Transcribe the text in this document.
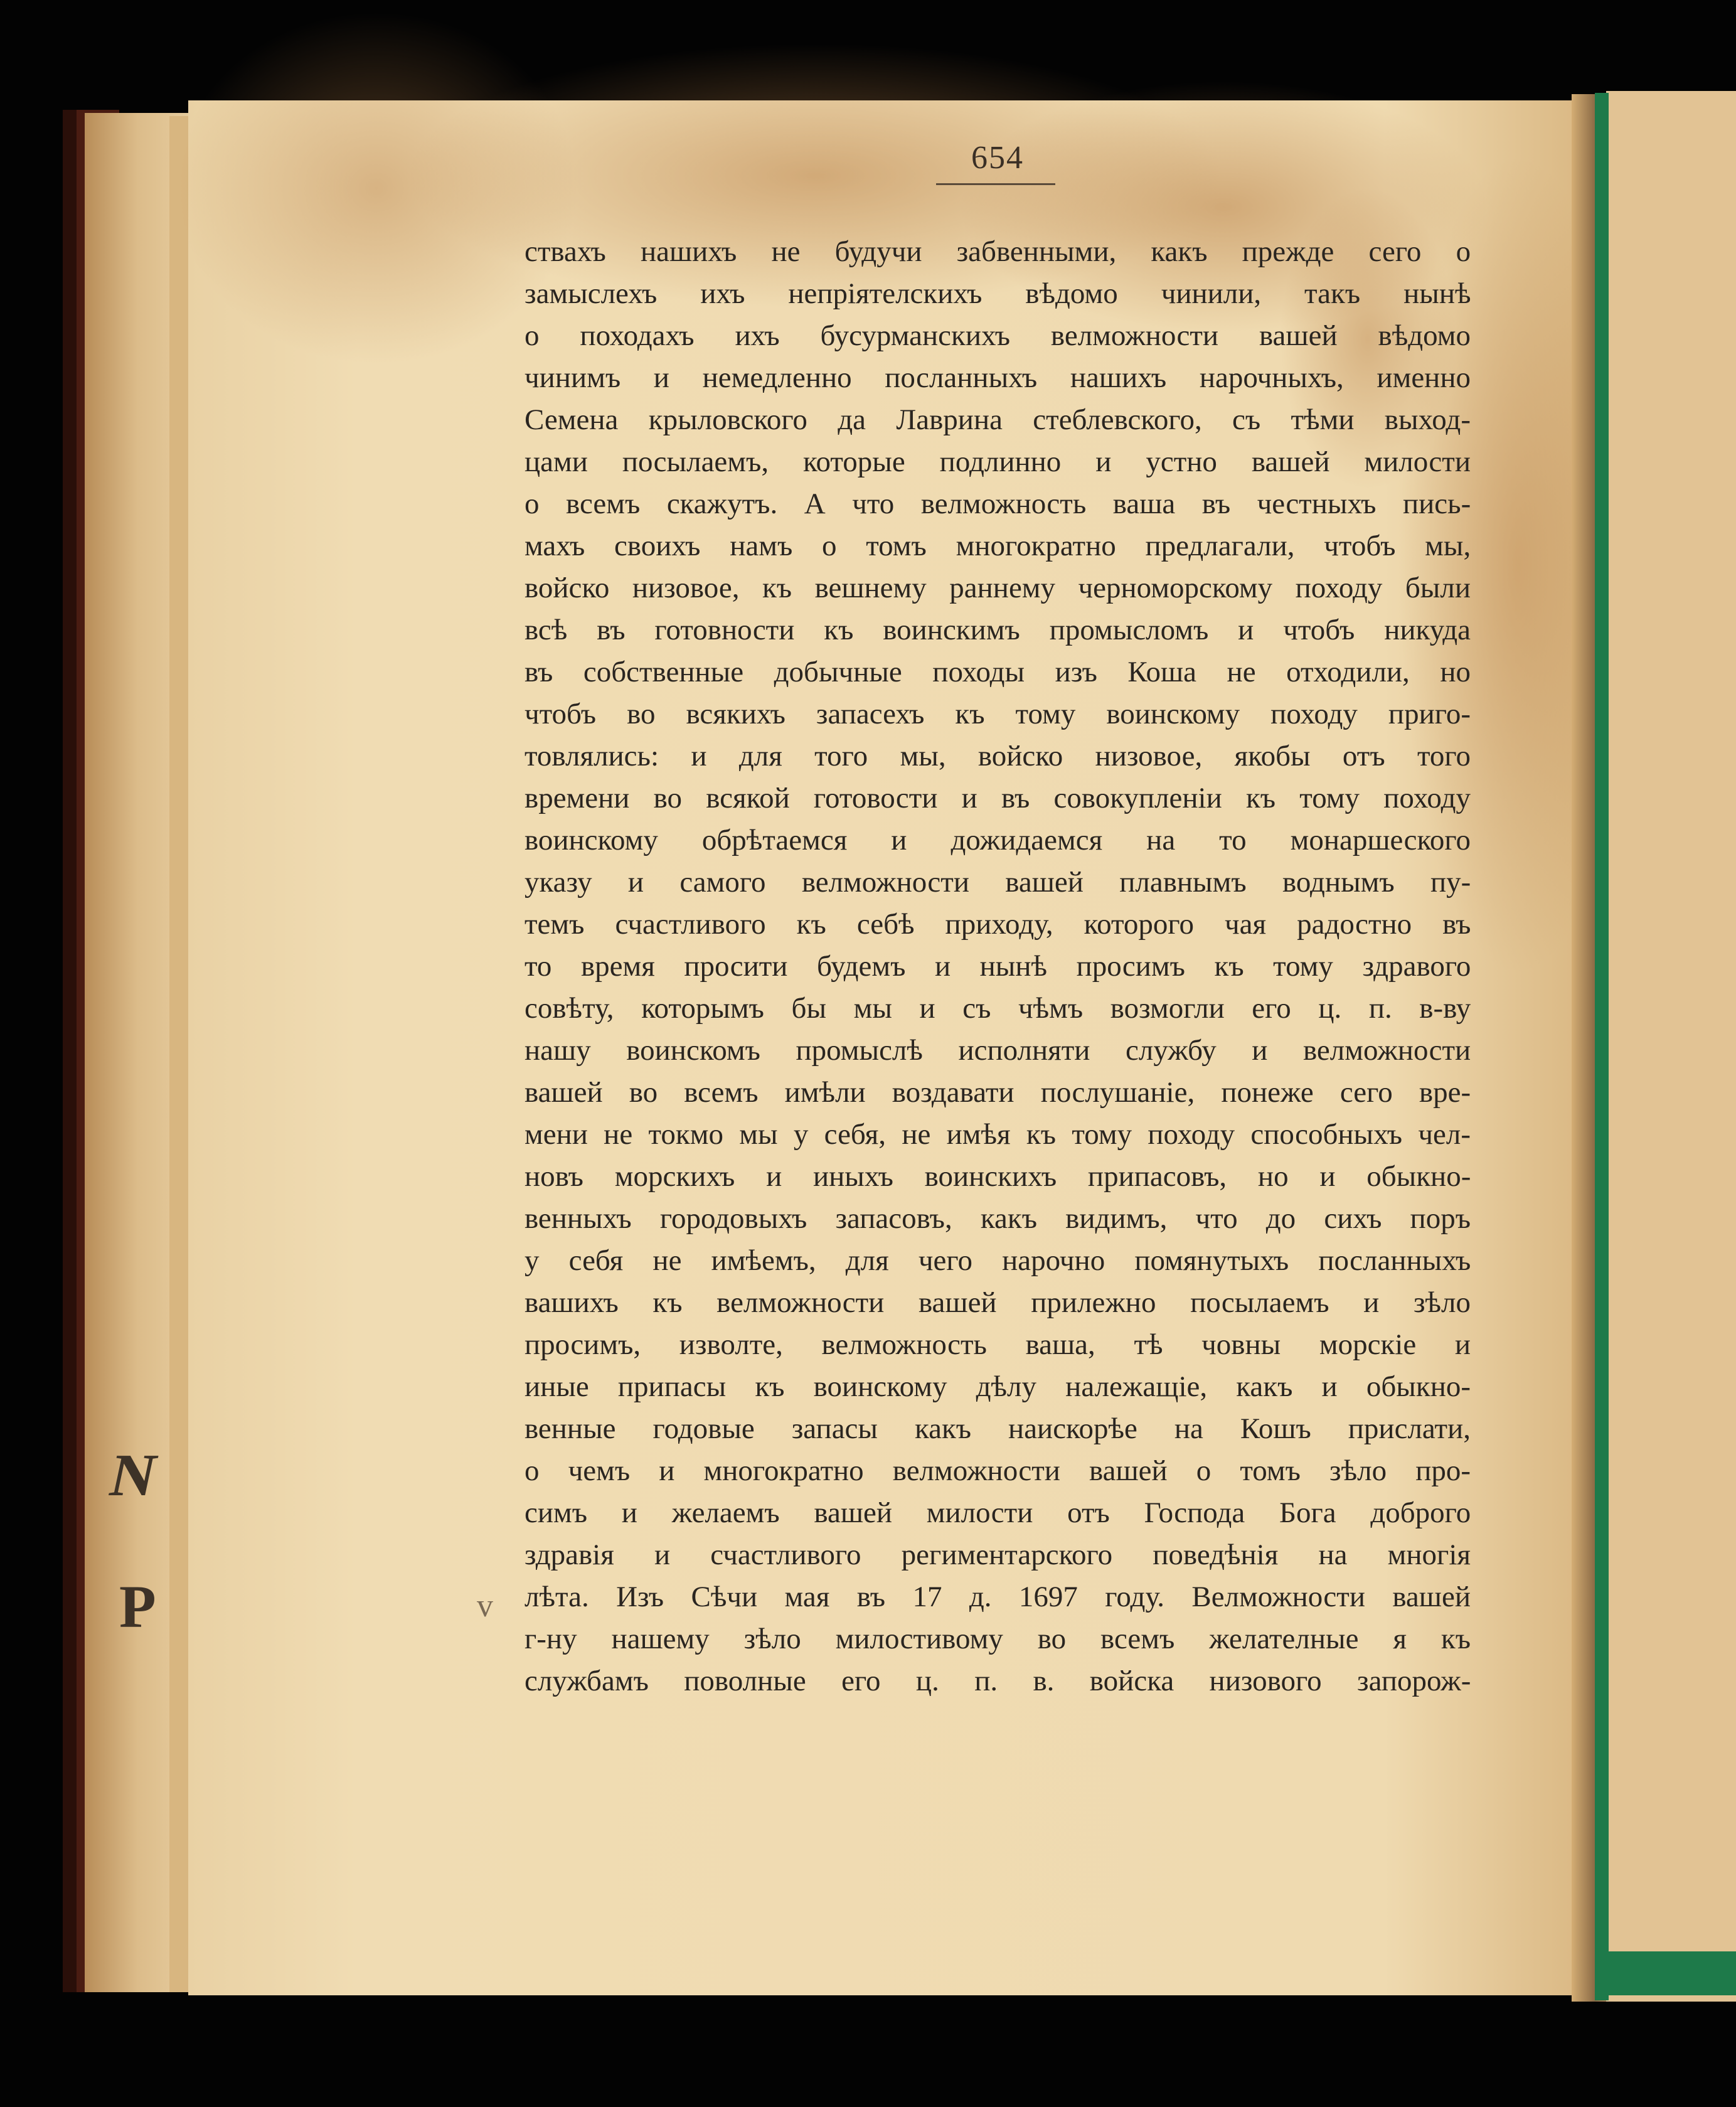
654
ствахъ нашихъ не будучи забвенными, какъ прежде сего о
замыслехъ ихъ непріятелскихъ вѣдомо чинили, такъ нынѣ
о походахъ ихъ бусурманскихъ велможности вашей вѣдомо
чинимъ и немедленно посланныхъ нашихъ нарочныхъ, именно
Семена крыловского да Лаврина стеблевского, съ тѣми выход-
цами посылаемъ, которые подлинно и устно вашей милости
о всемъ скажутъ. А что велможность ваша въ честныхъ пись-
махъ своихъ намъ о томъ многократно предлагали, чтобъ мы,
войско низовое, къ вешнему раннему черноморскому походу были
всѣ въ готовности къ воинскимъ промысломъ и чтобъ никуда
въ собственные добычные походы изъ Коша не отходили, но
чтобъ во всякихъ запасехъ къ тому воинскому походу приго-
товлялись: и для того мы, войско низовое, якобы отъ того
времени во всякой готовости и въ совокупленіи къ тому походу
воинскому обрѣтаемся и дожидаемся на то монаршеского
указу и самого велможности вашей плавнымъ воднымъ пу-
темъ счастливого къ себѣ приходу, которого чая радостно въ
то время просити будемъ и нынѣ просимъ къ тому здравого
совѣту, которымъ бы мы и съ чѣмъ возмогли его ц. п. в-ву
нашу воинскомъ промыслѣ исполняти службу и велможности
вашей во всемъ имѣли воздавати послушаніе, понеже сего вре-
мени не токмо мы у себя, не имѣя къ тому походу способныхъ чел-
новъ морскихъ и иныхъ воинскихъ припасовъ, но и обыкно-
венныхъ городовыхъ запасовъ, какъ видимъ, что до сихъ поръ
у себя не имѣемъ, для чего нарочно помянутыхъ посланныхъ
вашихъ къ велможности вашей прилежно посылаемъ и зѣло
просимъ, изволте, велможность ваша, тѣ човны морскіе и
иные припасы къ воинскому дѣлу належащіе, какъ и обыкно-
венные годовые запасы какъ наискорѣе на Кошъ прислати,
о чемъ и многократно велможности вашей о томъ зѣло про-
симъ и желаемъ вашей милости отъ Господа Бога доброго
здравія и счастливого региментарского поведѣнія на многія
лѣта. Изъ Сѣчи мая въ 17 д. 1697 году. Велможности вашей
г-ну нашему зѣло милостивому во всемъ желателные я къ
службамъ поволные его ц. п. в. войска низового запорож-
N
Р	v
